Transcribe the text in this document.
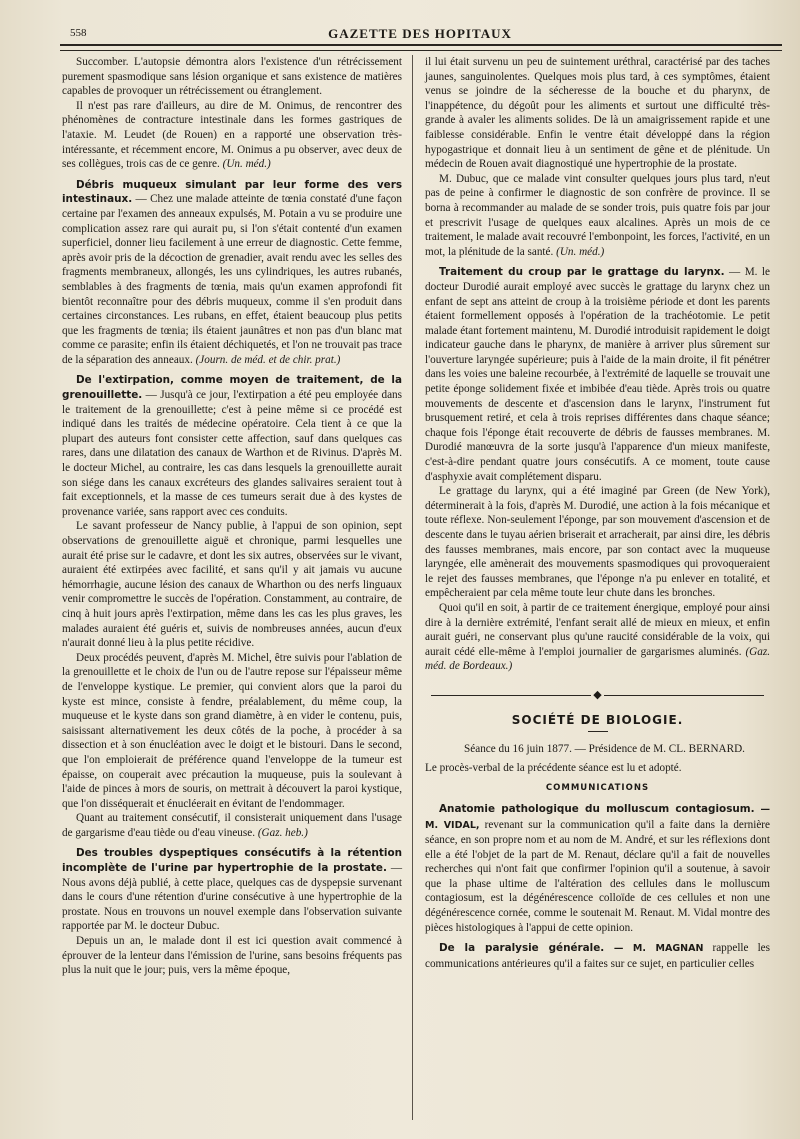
558	GAZETTE DES HOPITAUX

Succomber. L'autopsie démontra alors l'existence d'un rétrécissement purement spasmodique sans lésion organique et sans existence de matières capables de provoquer un rétrécissement ou étranglement.

Il n'est pas rare d'ailleurs, au dire de M. Onimus, de rencontrer des phénomènes de contracture intestinale dans les formes gastriques de l'ataxie. M. Leudet (de Rouen) en a rapporté une observation très-intéressante, et récemment encore, M. Onimus a pu observer, avec deux de ses collègues, trois cas de ce genre. (Un. méd.)

Débris muqueux simulant par leur forme des vers intestinaux. — Chez une malade atteinte de tœnia constaté d'une façon certaine par l'examen des anneaux expulsés, M. Potain a vu se produire une complication assez rare qui aurait pu, si l'on s'était contenté d'un examen superficiel, donner lieu facilement à une erreur de diagnostic. Cette femme, après avoir pris de la décoction de grenadier, avait rendu avec les selles des fragments membraneux, allongés, les uns cylindriques, les autres rubanés, semblables à des fragments de tœnia, mais qu'un examen approfondi fit bientôt reconnaître pour des débris muqueux, comme il s'en produit dans certaines circonstances. Les rubans, en effet, étaient beaucoup plus petits que les fragments de tœnia; ils étaient jaunâtres et non pas d'un blanc mat comme ce parasite; enfin ils étaient déchiquetés, et l'on ne trouvait pas trace de la séparation des anneaux. (Journ. de méd. et de chir. prat.)

De l'extirpation, comme moyen de traitement, de la grenouillette. — Jusqu'à ce jour, l'extirpation a été peu employée dans le traitement de la grenouillette; c'est à peine même si ce procédé est indiqué dans les traités de médecine opératoire. Cela tient à ce que la plupart des auteurs font consister cette affection, sauf dans quelques cas rares, dans une dilatation des canaux de Warthon et de Rivinus. D'après M. le docteur Michel, au contraire, les cas dans lesquels la grenouillette aurait son siége dans les canaux excréteurs des glandes salivaires seraient tout à fait exceptionnels, et la masse de ces tumeurs serait due à des kystes de provenance variée, sans rapport avec ces conduits.

Le savant professeur de Nancy publie, à l'appui de son opinion, sept observations de grenouillette aiguë et chronique, parmi lesquelles une aurait été prise sur le cadavre, et dont les six autres, observées sur le vivant, auraient été extirpées avec facilité, et sans qu'il y ait jamais vu aucune hémorrhagie, aucune lésion des canaux de Wharthon ou des nerfs linguaux venir compromettre le succès de l'opération. Constamment, au contraire, de cinq à huit jours après l'extirpation, même dans les cas les plus graves, les malades auraient été guéris et, suivis de nombreuses années, aucun d'eux n'aurait donné lieu à la plus petite récidive.

Deux procédés peuvent, d'après M. Michel, être suivis pour l'ablation de la grenouillette et le choix de l'un ou de l'autre repose sur l'épaisseur même de l'enveloppe kystique. Le premier, qui convient alors que la paroi du kyste est mince, consiste à fendre, préalablement, du même coup, la muqueuse et le kyste dans son grand diamètre, à en vider le contenu, puis, saisissant alternativement les deux côtés de la poche, à procéder à sa dissection et à son énucléation avec le doigt et le bistouri. Dans le second, que l'on emploierait de préférence quand l'enveloppe de la tumeur est épaisse, on couperait avec précaution la muqueuse, puis la soulevant à l'aide de pinces à mors de souris, on mettrait à découvert la paroi kystique, que l'on disséquerait et énucléerait en évitant de l'endommager.

Quant au traitement consécutif, il consisterait uniquement dans l'usage de gargarisme d'eau tiède ou d'eau vineuse. (Gaz. heb.)

Des troubles dyspeptiques consécutifs à la rétention incomplète de l'urine par hypertrophie de la prostate. — Nous avons déjà publié, à cette place, quelques cas de dyspepsie survenant dans le cours d'une rétention d'urine consécutive à une hypertrophie de la prostate. Nous en trouvons un nouvel exemple dans l'observation suivante rapportée par M. le docteur Dubuc.

Depuis un an, le malade dont il est ici question avait commencé à éprouver de la lenteur dans l'émission de l'urine, sans besoins fréquents pas plus la nuit que le jour; puis, vers la même époque,

il lui était survenu un peu de suintement uréthral, caractérisé par des taches jaunes, sanguinolentes. Quelques mois plus tard, à ces symptômes, étaient venus se joindre de la sécheresse de la bouche et du pharynx, de l'inappétence, du dégoût pour les aliments et surtout une difficulté très-grande à avaler les aliments solides. De là un amaigrissement rapide et une faiblesse considérable. Enfin le ventre était développé dans la région hypogastrique et donnait lieu à un sentiment de gêne et de plénitude. Un médecin de Rouen avait diagnostiqué une hypertrophie de la prostate.

M. Dubuc, que ce malade vint consulter quelques jours plus tard, n'eut pas de peine à confirmer le diagnostic de son confrère de province. Il se borna à recommander au malade de se sonder trois, puis quatre fois par jour et prescrivit l'usage de quelques eaux alcalines. Après un mois de ce traitement, le malade avait recouvré l'embonpoint, les forces, l'activité, en un mot, la plénitude de la santé. (Un. méd.)

Traitement du croup par le grattage du larynx. — M. le docteur Durodié aurait employé avec succès le grattage du larynx chez un enfant de sept ans atteint de croup à la troisième période et dont les parents étaient formellement opposés à l'opération de la trachéotomie. Le petit malade étant fortement maintenu, M. Durodié introduisit rapidement le doigt indicateur gauche dans le pharynx, de manière à arriver plus sûrement sur l'ouverture laryngée supérieure; puis à l'aide de la main droite, il fit pénétrer dans les voies une baleine recourbée, à l'extrémité de laquelle se trouvait une petite éponge solidement fixée et imbibée d'eau tiède. Après trois ou quatre mouvements de descente et d'ascension dans le larynx, l'instrument fut brusquement retiré, et cela à trois reprises différentes dans chaque séance; chaque fois l'éponge était recouverte de débris de fausses membranes. M. Durodié manœuvra de la sorte jusqu'à l'apparence d'un mieux manifeste, c'est-à-dire pendant quatre jours consécutifs. A ce moment, toute cause d'asphyxie avait complétement disparu.

Le grattage du larynx, qui a été imaginé par Green (de New York), déterminerait à la fois, d'après M. Durodié, une action à la fois mécanique et toute réflexe. Non-seulement l'éponge, par son mouvement d'ascension et de descente dans le tuyau aérien briserait et arracherait, par ainsi dire, les débris des fausses membranes, mais encore, par son contact avec la muqueuse laryngée, elle amènerait des mouvements spasmodiques qui provoqueraient le rejet des fausses membranes, que l'éponge n'a pu enlever en totalité, et empêcheraient par cela même toute leur chute dans les bronches.

Quoi qu'il en soit, à partir de ce traitement énergique, employé pour ainsi dire à la dernière extrémité, l'enfant serait allé de mieux en mieux, et enfin aurait guéri, ne conservant plus qu'une raucité considérable de la voix, qui aurait cédé elle-même à l'emploi journalier de gargarismes aluminés. (Gaz. méd. de Bordeaux.)

◆
SOCIÉTÉ DE BIOLOGIE.

Séance du 16 juin 1877. — Présidence de M. CL. BERNARD.

Le procès-verbal de la précédente séance est lu et adopté.

COMMUNICATIONS

Anatomie pathologique du molluscum contagiosum. — M. VIDAL, revenant sur la communication qu'il a faite dans la dernière séance, en son propre nom et au nom de M. André, et sur les réflexions dont elle a été l'objet de la part de M. Renaut, déclare qu'il a fait de nouvelles recherches qui n'ont fait que confirmer l'opinion qu'il a soutenue, à savoir que la phase ultime de l'altération des cellules dans le molluscum contagiosum, est la dégénérescence colloïde de ces cellules et non une dégénérescence cornée, comme le soutenait M. Renaut. M. Vidal montre des pièces histologiques à l'appui de cette opinion.

De la paralysie générale. — M. MAGNAN rappelle les communications antérieures qu'il a faites sur ce sujet, en particulier celles
